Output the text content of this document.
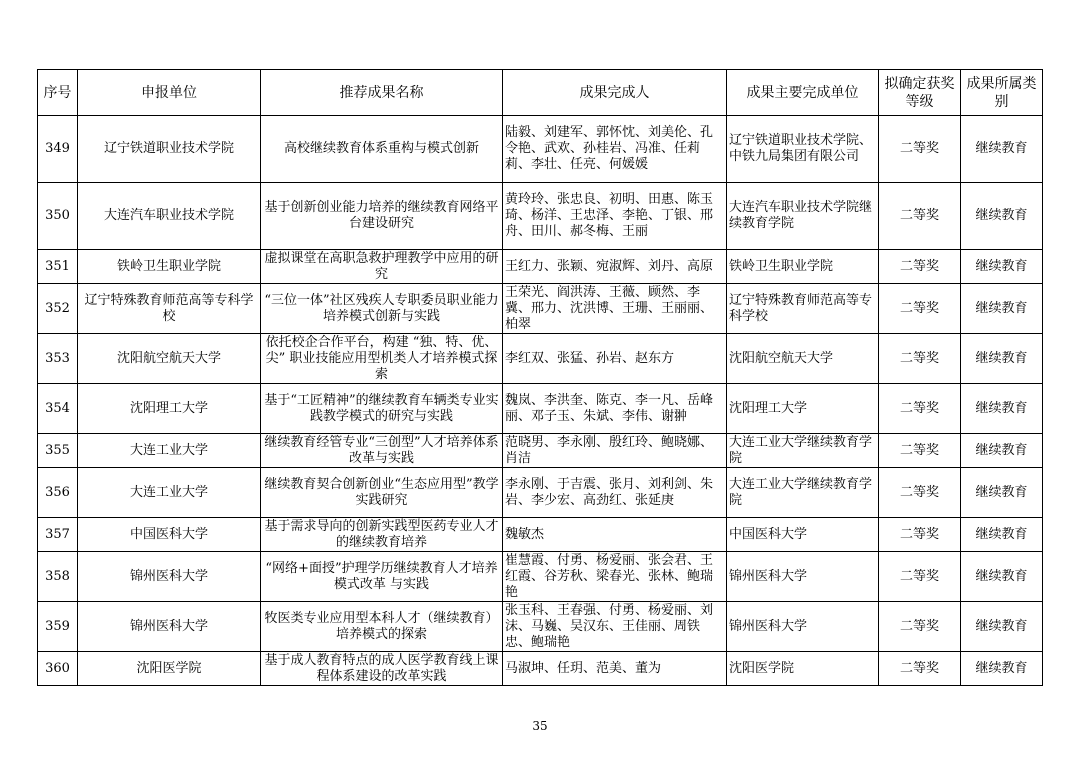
序号	申报单位	推荐成果名称	成果完成人	成果主要完成单位	拟确定获奖等级	成果所属类别
349	辽宁铁道职业技术学院	高校继续教育体系重构与模式创新	陆毅、刘建军、郭怀忱、刘美伦、孔令艳、武欢、孙桂岩、冯准、任莉莉、李壮、任亮、何媛媛	辽宁铁道职业技术学院、中铁九局集团有限公司	二等奖	继续教育
350	大连汽车职业技术学院	基于创新创业能力培养的继续教育网络平台建设研究	黄玲玲、张忠良、初明、田惠、陈玉琦、杨洋、王忠泽、李艳、丁银、邢舟、田川、郝冬梅、王丽	大连汽车职业技术学院继续教育学院	二等奖	继续教育
351	铁岭卫生职业学院	虚拟课堂在高职急救护理教学中应用的研究	王红力、张颖、宛淑辉、刘丹、高原	铁岭卫生职业学院	二等奖	继续教育
352	辽宁特殊教育师范高等专科学校	“三位一体”社区残疾人专职委员职业能力培养模式创新与实践	王荣光、阎洪涛、王薇、顾然、李冀、邢力、沈洪博、王珊、王丽丽、柏翠	辽宁特殊教育师范高等专科学校	二等奖	继续教育
353	沈阳航空航天大学	依托校企合作平台，构建 “独、特、优、尖” 职业技能应用型机类人才培养模式探索	李红双、张猛、孙岩、赵东方	沈阳航空航天大学	二等奖	继续教育
354	沈阳理工大学	基于“工匠精神”的继续教育车辆类专业实践教学模式的研究与实践	魏岚、李洪奎、陈克、李一凡、岳峰丽、邓子玉、朱斌、李伟、谢翀	沈阳理工大学	二等奖	继续教育
355	大连工业大学	继续教育经管专业“三创型”人才培养体系改革与实践	范晓男、李永刚、殷红玲、鲍晓娜、肖洁	大连工业大学继续教育学院	二等奖	继续教育
356	大连工业大学	继续教育契合创新创业“生态应用型”教学实践研究	李永刚、于吉震、张月、刘利剑、朱岩、李少宏、高劲红、张延庚	大连工业大学继续教育学院	二等奖	继续教育
357	中国医科大学	基于需求导向的创新实践型医药专业人才的继续教育培养	魏敏杰	中国医科大学	二等奖	继续教育
358	锦州医科大学	“网络+面授”护理学历继续教育人才培养模式改革 与实践	崔慧霞、付勇、杨爱丽、张会君、王红霞、谷芳秋、梁春光、张林、鲍瑞艳	锦州医科大学	二等奖	继续教育
359	锦州医科大学	牧医类专业应用型本科人才（继续教育） 培养模式的探索	张玉科、王春强、付勇、杨爱丽、刘沫、马巍、吴汉东、王佳丽、周铁忠、鲍瑞艳	锦州医科大学	二等奖	继续教育
360	沈阳医学院	基于成人教育特点的成人医学教育线上课程体系建设的改革实践	马淑坤、任玥、范美、董为	沈阳医学院	二等奖	继续教育
35
